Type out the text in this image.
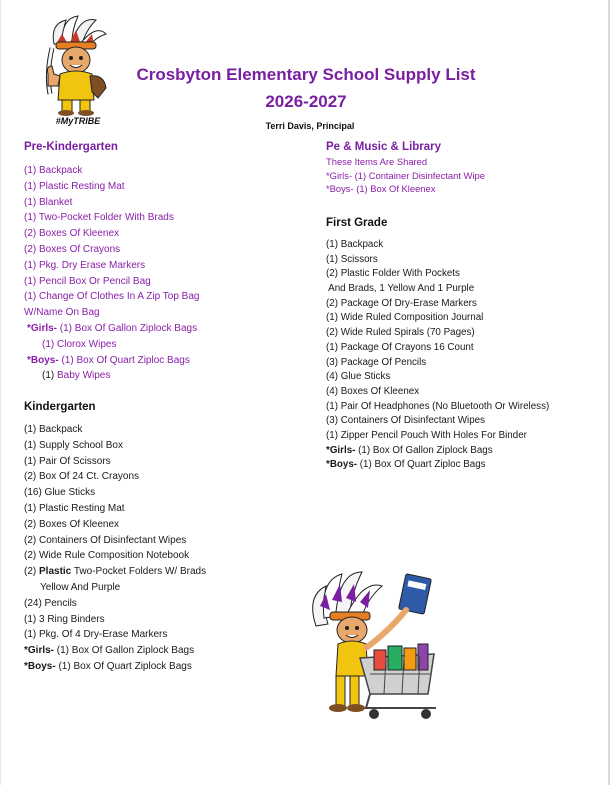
#MyTRIBE
Crosbyton Elementary School Supply List
2026-2027
Terri Davis, Principal
Pre-Kindergarten
(1) Backpack
(1) Plastic Resting Mat
(1) Blanket
(1) Two-Pocket Folder With Brads
(2) Boxes Of Kleenex
(2) Boxes Of Crayons
(1) Pkg. Dry Erase Markers
(1) Pencil Box Or Pencil Bag
(1) Change Of Clothes In A Zip Top Bag
W/Name On Bag
*Girls- (1) Box Of Gallon Ziplock Bags
(1) Clorox Wipes
*Boys- (1) Box Of Quart Ziploc Bags
(1) Baby Wipes
Kindergarten
(1) Backpack
(1) Supply School Box
(1) Pair Of Scissors
(2) Box Of 24 Ct. Crayons
(16) Glue Sticks
(1) Plastic Resting Mat
(2) Boxes Of Kleenex
(2) Containers Of Disinfectant Wipes
(2) Wide Rule Composition Notebook
(2) Plastic Two-Pocket Folders W/ Brads
Yellow And Purple
(24) Pencils
(1) 3 Ring Binders
(1) Pkg. Of 4 Dry-Erase Markers
*Girls- (1) Box Of Gallon Ziplock Bags
*Boys- (1) Box Of Quart Ziplock Bags
Pe & Music & Library
These Items Are Shared
*Girls- (1) Container Disinfectant Wipe
*Boys- (1) Box Of Kleenex
First Grade
(1) Backpack
(1) Scissors
(2) Plastic Folder With Pockets
And Brads, 1 Yellow And 1 Purple
(2) Package Of Dry-Erase Markers
(1) Wide Ruled Composition Journal
(2) Wide Ruled Spirals (70 Pages)
(1) Package Of Crayons 16 Count
(3) Package Of Pencils
(4) Glue Sticks
(4) Boxes Of Kleenex
(1) Pair Of Headphones (No Bluetooth Or Wireless)
(3) Containers Of Disinfectant Wipes
(1) Zipper Pencil Pouch With Holes For Binder
*Girls- (1) Box Of Gallon Ziplock Bags
*Boys- (1) Box Of Quart Ziploc Bags
